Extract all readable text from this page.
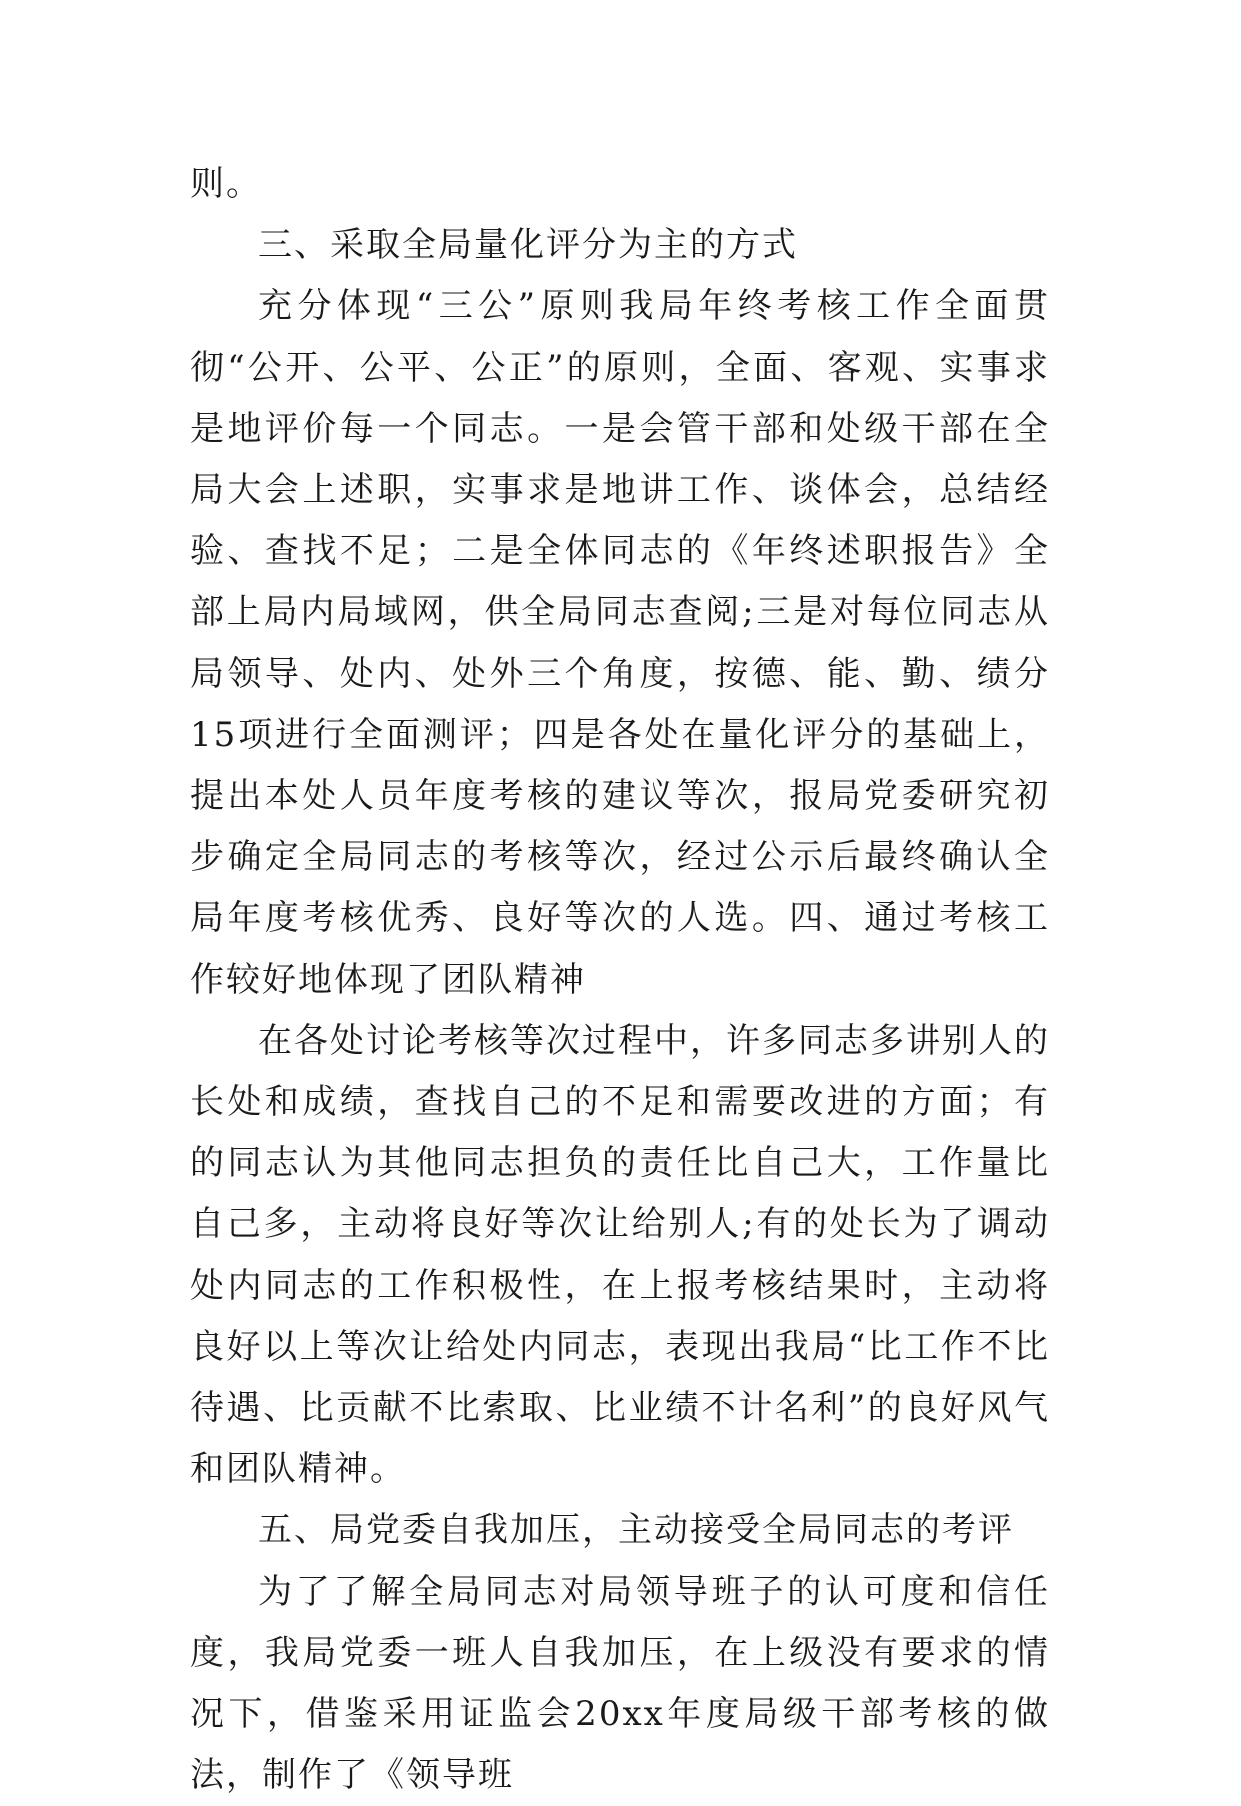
则。

三、采取全局量化评分为主的方式

充分体现“三公”原则我局年终考核工作全面贯彻“公开、公平、公正”的原则，全面、客观、实事求是地评价每一个同志。一是会管干部和处级干部在全局大会上述职，实事求是地讲工作、谈体会，总结经验、查找不足；二是全体同志的《年终述职报告》全部上局内局域网，供全局同志查阅;三是对每位同志从局领导、处内、处外三个角度，按德、能、勤、绩分15项进行全面测评；四是各处在量化评分的基础上，提出本处人员年度考核的建议等次，报局党委研究初步确定全局同志的考核等次，经过公示后最终确认全局年度考核优秀、良好等次的人选。四、通过考核工作较好地体现了团队精神

在各处讨论考核等次过程中，许多同志多讲别人的长处和成绩，查找自己的不足和需要改进的方面；有的同志认为其他同志担负的责任比自己大，工作量比自己多，主动将良好等次让给别人;有的处长为了调动处内同志的工作积极性，在上报考核结果时，主动将良好以上等次让给处内同志，表现出我局“比工作不比待遇、比贡献不比索取、比业绩不计名利”的良好风气和团队精神。

五、局党委自我加压，主动接受全局同志的考评

为了了解全局同志对局领导班子的认可度和信任度，我局党委一班人自我加压，在上级没有要求的情况下，借鉴采用证监会20xx年度局级干部考核的做法，制作了《领导班
